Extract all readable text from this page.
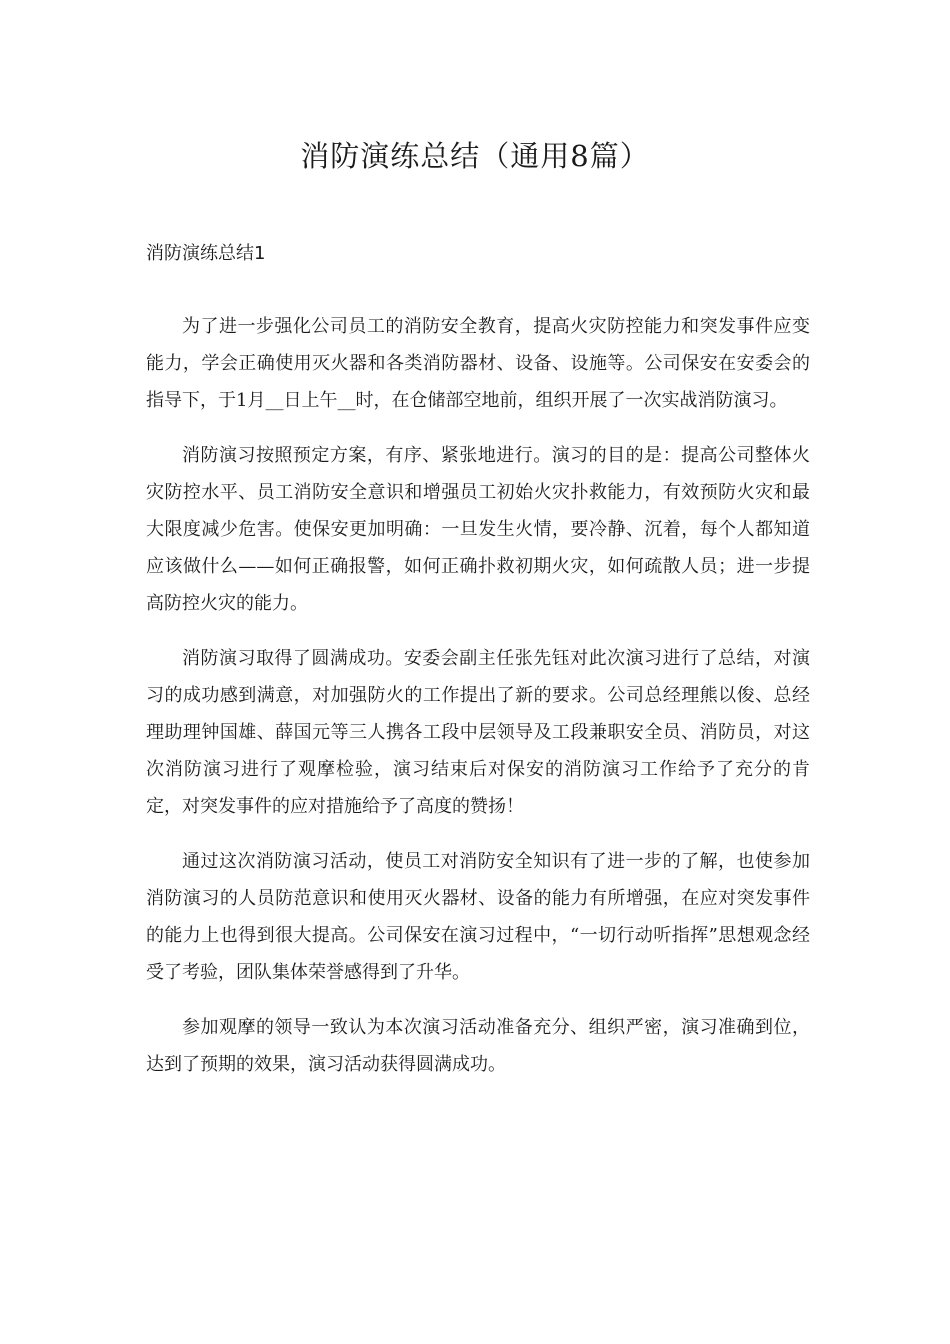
消防演练总结（通用8篇）
消防演练总结1

为了进一步强化公司员工的消防安全教育，提高火灾防控能力和突发事件应变能力，学会正确使用灭火器和各类消防器材、设备、设施等。公司保安在安委会的指导下，于1月__日上午__时，在仓储部空地前，组织开展了一次实战消防演习。

消防演习按照预定方案，有序、紧张地进行。演习的目的是：提高公司整体火灾防控水平、员工消防安全意识和增强员工初始火灾扑救能力，有效预防火灾和最大限度减少危害。使保安更加明确：一旦发生火情，要冷静、沉着，每个人都知道应该做什么——如何正确报警，如何正确扑救初期火灾，如何疏散人员；进一步提高防控火灾的能力。

消防演习取得了圆满成功。安委会副主任张先钰对此次演习进行了总结，对演习的成功感到满意，对加强防火的工作提出了新的要求。公司总经理熊以俊、总经理助理钟国雄、薛国元等三人携各工段中层领导及工段兼职安全员、消防员，对这次消防演习进行了观摩检验，演习结束后对保安的消防演习工作给予了充分的肯定，对突发事件的应对措施给予了高度的赞扬！

通过这次消防演习活动，使员工对消防安全知识有了进一步的了解，也使参加消防演习的人员防范意识和使用灭火器材、设备的能力有所增强，在应对突发事件的能力上也得到很大提高。公司保安在演习过程中，“一切行动听指挥”思想观念经受了考验，团队集体荣誉感得到了升华。

参加观摩的领导一致认为本次演习活动准备充分、组织严密，演习准确到位，达到了预期的效果，演习活动获得圆满成功。
